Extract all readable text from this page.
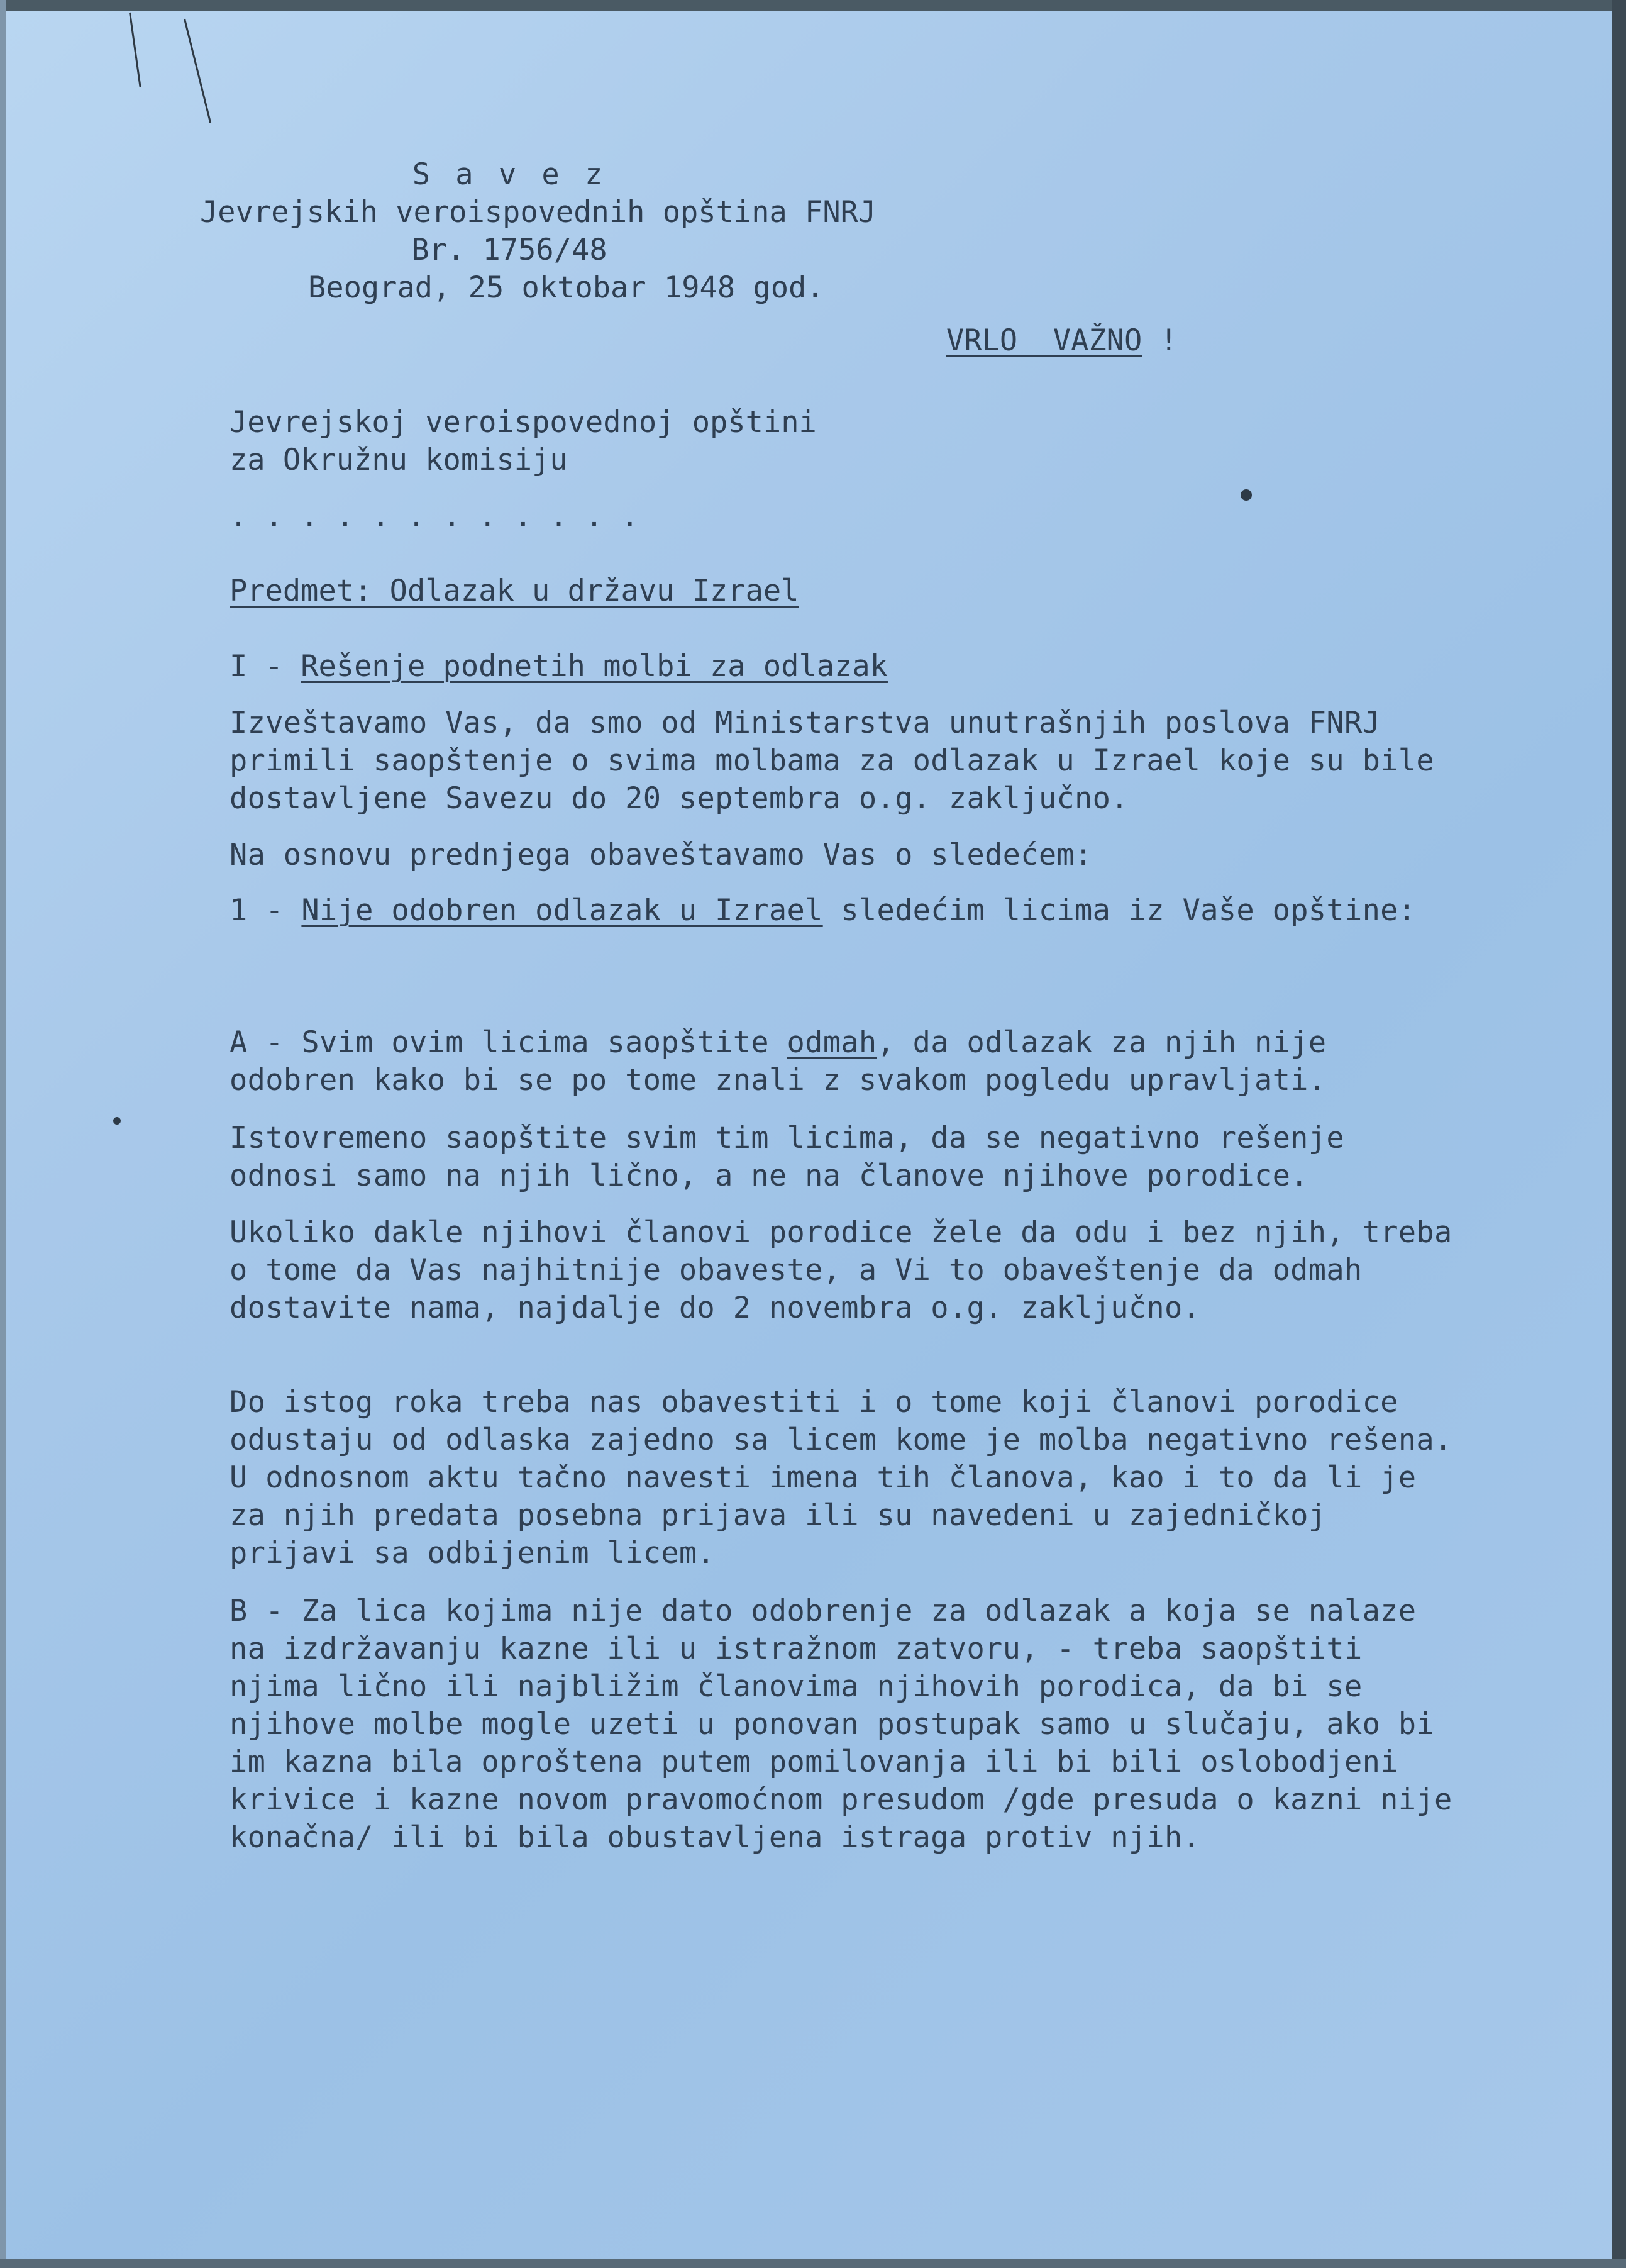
S a v e z
Jevrejskih veroispovednih opština FNRJ
Br. 1756/48
Beograd, 25 oktobar 1948 god.
VRLO  VAŽNO !
Jevrejskoj veroispovednoj opštini
za Okružnu komisiju
. . . . . . . . . . . .
Predmet: Odlazak u državu Izrael
I - Rešenje podnetih molbi za odlazak
Izveštavamo Vas, da smo od Ministarstva unutrašnjih poslova FNRJ primili saopštenje o svima molbama za odlazak u Izrael koje su bile dostavljene Savezu do 20 septembra o.g. zaključno.
Na osnovu prednjega obaveštavamo Vas o sledećem:
1 - Nije odobren odlazak u Izrael sledećim licima iz Vaše opštine:
A - Svim ovim licima saopštite odmah, da odlazak za njih nije odobren kako bi se po tome znali z svakom pogledu upravljati.
Istovremeno saopštite svim tim licima, da se negativno rešenje odnosi samo na njih lično, a ne na članove njihove porodice.
Ukoliko dakle njihovi članovi porodice žele da odu i bez njih, treba o tome da Vas najhitnije obaveste, a Vi to obaveštenje da odmah dostavite nama, najdalje do 2 novembra o.g. zaključno.
Do istog roka treba nas obavestiti i o tome koji članovi porodice odustaju od odlaska zajedno sa licem kome je molba negativno rešena. U odnosnom aktu tačno navesti imena tih članova, kao i to da li je za njih predata posebna prijava ili su navedeni u zajedničkoj prijavi sa odbijenim licem.
B - Za lica kojima nije dato odobrenje za odlazak a koja se nalaze na izdržavanju kazne ili u istražnom zatvoru, - treba saopštiti njima lično ili najbližim članovima njihovih porodica, da bi se njihove molbe mogle uzeti u ponovan postupak samo u slučaju, ako bi im kazna bila oproštena putem pomilovanja ili bi bili oslobodjeni krivice i kazne novom pravomoćnom presudom /gde presuda o kazni nije konačna/ ili bi bila obustavljena istraga protiv njih.
